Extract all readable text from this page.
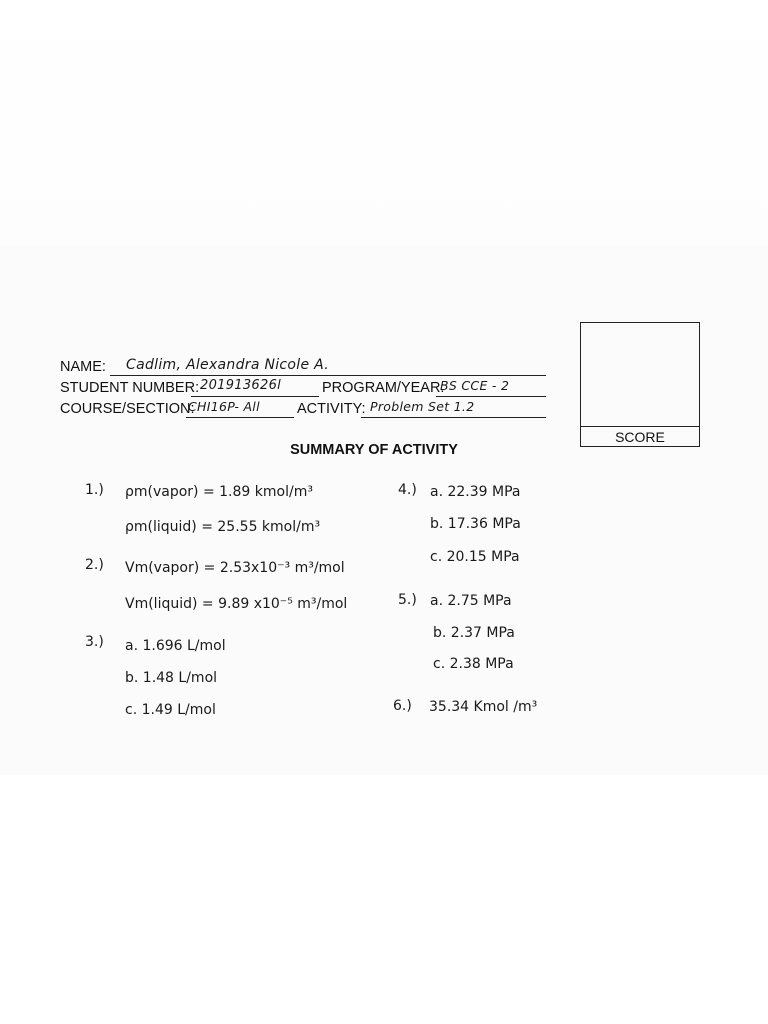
NAME: Cadlim, Alexandra Nicole A.
STUDENT NUMBER: 201913626l	PROGRAM/YEAR:
BS CCE - 2
COURSE/SECTION:
CHI16P- All	ACTIVITY: Problem Set 1.2
SCORE
SUMMARY OF ACTIVITY
1.) ρm(vapor) = 1.89 kmol/m³
ρm(liquid) = 25.55 kmol/m³
2.) Vm(vapor) = 2.53x10⁻³ m³/mol
Vm(liquid) = 9.89 x10⁻⁵ m³/mol
3.) a. 1.696 L/mol
b. 1.48 L/mol
c. 1.49 L/mol
4.) a. 22.39 MPa
b. 17.36 MPa
c. 20.15 MPa
5.) a. 2.75 MPa
b. 2.37 MPa
c. 2.38 MPa
6.) 35.34 Kmol /m³
